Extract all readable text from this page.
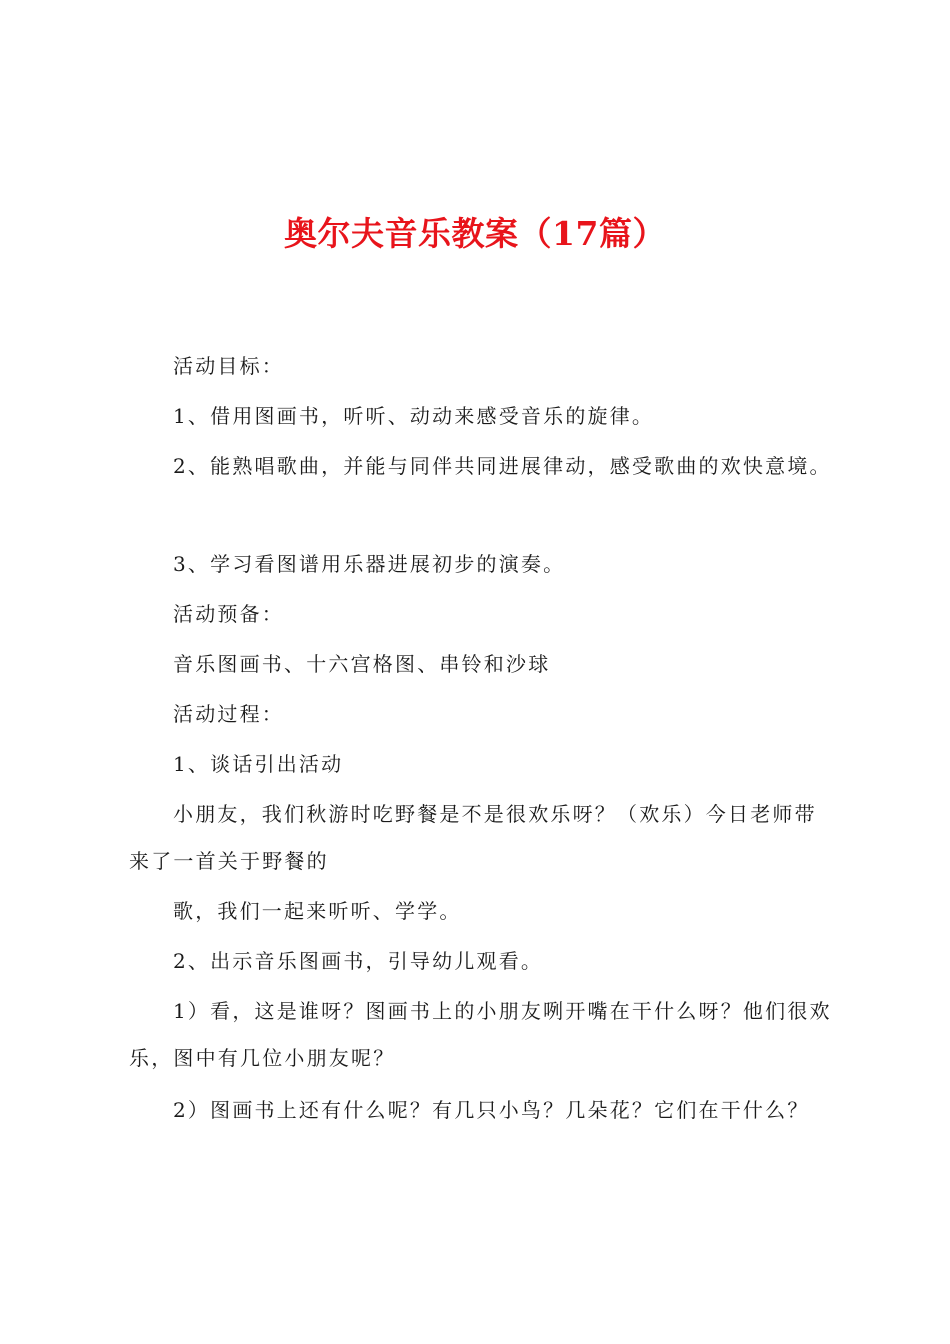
奥尔夫音乐教案（17篇）
活动目标：
1、借用图画书，听听、动动来感受音乐的旋律。
2、能熟唱歌曲，并能与同伴共同进展律动，感受歌曲的欢快意境。
3、学习看图谱用乐器进展初步的演奏。
活动预备：
音乐图画书、十六宫格图、串铃和沙球
活动过程：
1、谈话引出活动
小朋友，我们秋游时吃野餐是不是很欢乐呀？（欢乐）今日老师带
来了一首关于野餐的
歌，我们一起来听听、学学。
2、出示音乐图画书，引导幼儿观看。
1）看，这是谁呀？图画书上的小朋友咧开嘴在干什么呀？他们很欢
乐，图中有几位小朋友呢？
2）图画书上还有什么呢？有几只小鸟？几朵花？它们在干什么？
